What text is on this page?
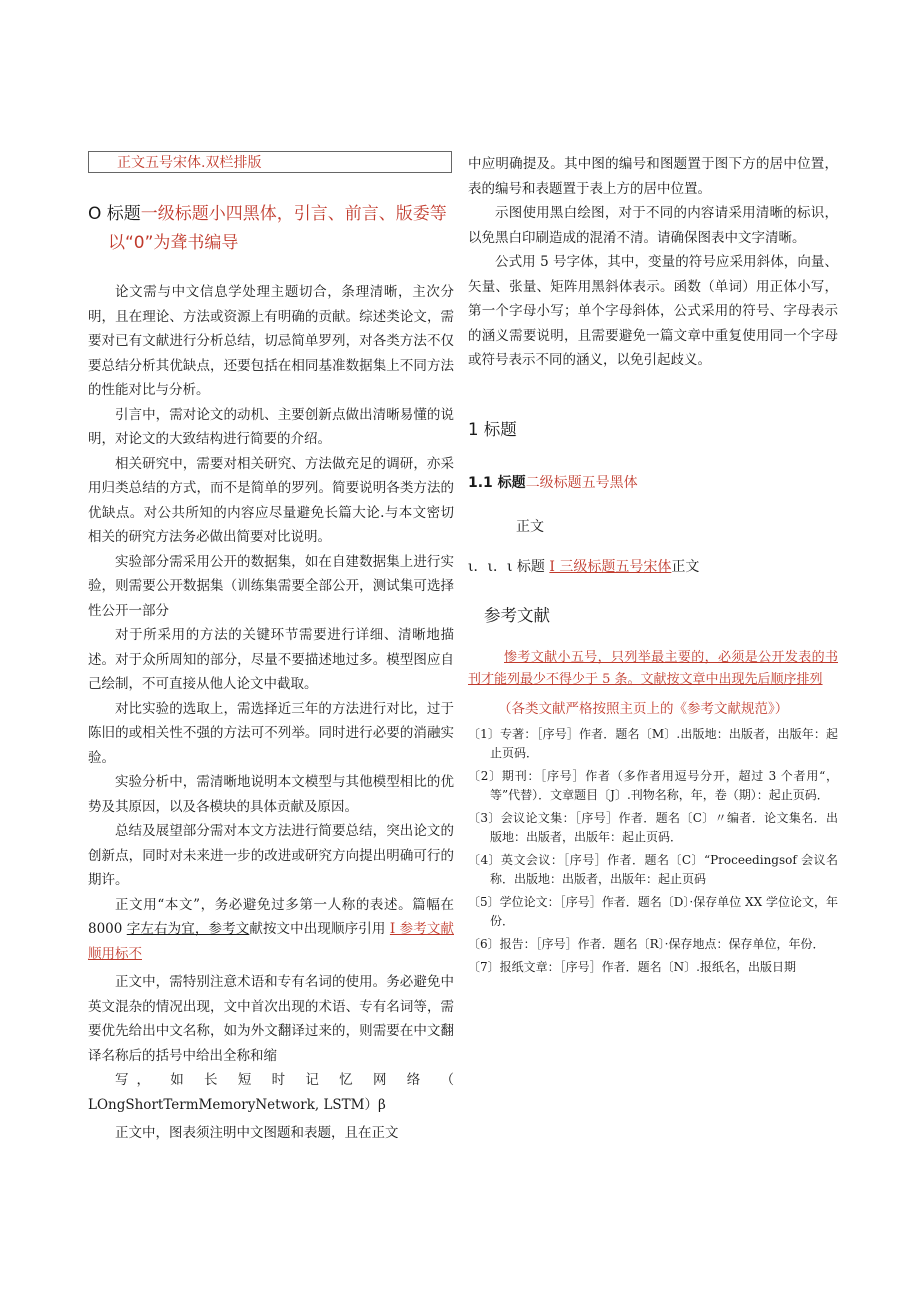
正文五号宋体.双栏排版
O 标题一级标题小四黑体，引言、前言、版委等
以“0”为聋书编导

论文需与中文信息学处理主题切合，条理清晰，主次分明，且在理论、方法或资源上有明确的贡献。综述类论文，需要对已有文献进行分析总结，切忌简单罗列，对各类方法不仅要总结分析其优缺点，还要包括在相同基准数据集上不同方法的性能对比与分析。

引言中，需对论文的动机、主要创新点做出清晰易懂的说明，对论文的大致结构进行简要的介绍。

相关研究中，需要对相关研究、方法做充足的调研，亦采用归类总结的方式，而不是简单的罗列。简要说明各类方法的优缺点。对公共所知的内容应尽量避免长篇大论.与本文密切相关的研究方法务必做出简要对比说明。

实验部分需采用公开的数据集，如在自建数据集上进行实验，则需要公开数据集（训练集需要全部公开，测试集可选择性公开一部分

对于所采用的方法的关键环节需要进行详细、清晰地描述。对于众所周知的部分，尽量不要描述地过多。模型图应自己绘制，不可直接从他人论文中截取。

对比实验的选取上，需选择近三年的方法进行对比，过于陈旧的或相关性不强的方法可不列举。同时进行必要的消融实验。

实验分析中，需清晰地说明本文模型与其他模型相比的优势及其原因，以及各模块的具体贡献及原因。

总结及展望部分需对本文方法进行简要总结，突出论文的创新点，同时对未来进一步的改进或研究方向提出明确可行的期许。

正文用“本文”，务必避免过多第一人称的表述。篇幅在 8000 字左右为宜，参考文献按文中出现顺序引用 I 参考文献顺用标不

正文中，需特别注意术语和专有名词的使用。务必避免中英文混杂的情况出现，文中首次出现的术语、专有名词等，需要优先给出中文名称，如为外文翻译过来的，则需要在中文翻译名称后的括号中给出全称和缩

写， 如 长 短 时 记 忆 网 络 （

LOngShortTermMemoryNetwork, LSTM）β

正文中，图表须注明中文图题和表题，且在正文

中应明确提及。其中图的编号和图题置于图下方的居中位置，表的编号和表题置于表上方的居中位置。

示图使用黑白绘图，对于不同的内容请采用清晰的标识，以免黑白印刷造成的混淆不清。请确保图表中文字清晰。

公式用 5 号字体，其中，变量的符号应采用斜体，向量、矢量、张量、矩阵用黑斜体表示。函数（单词）用正体小写，第一个字母小写；单个字母斜体，公式采用的符号、字母表示的涵义需要说明，且需要避免一篇文章中重复使用同一个字母或符号表示不同的涵义，以免引起歧义。

1 标题
1.1 标题二级标题五号黑体
正文
ι．ι．ι 标题 I 三级标题五号宋体正文
参考文献

惨考文献小五号，只列举最主要的，必须是公开发表的书刊才能列最少不得少于 5 条。文献按文章中出现先后顺序排列

（各类文献严格按照主页上的《参考文献规范》）

〔1〕专著：［序号］作者．题名〔M〕.出版地：出版者，出版年：起止页码．

〔2〕期刊：［序号］作者（多作者用逗号分开，超过 3 个者用“，等”代替）．文章题目〔J〕.刊物名称，年，卷（期）：起止页码．

〔3〕会议论文集：［序号］作者．题名〔C〕〃编者．论文集名．出版地：出版者，出版年：起止页码．

〔4〕英文会议：［序号］作者．题名〔C〕“Proceedingsof 会议名称．出版地：出版者，出版年：起止页码

〔5〕学位论文：［序号］作者．题名〔D〕·保存单位 XX 学位论文，年份．

〔6〕报告：［序号］作者．题名〔R〕·保存地点：保存单位，年份．

〔7〕报纸文章：［序号］作者．题名〔N〕.报纸名，出版日期
